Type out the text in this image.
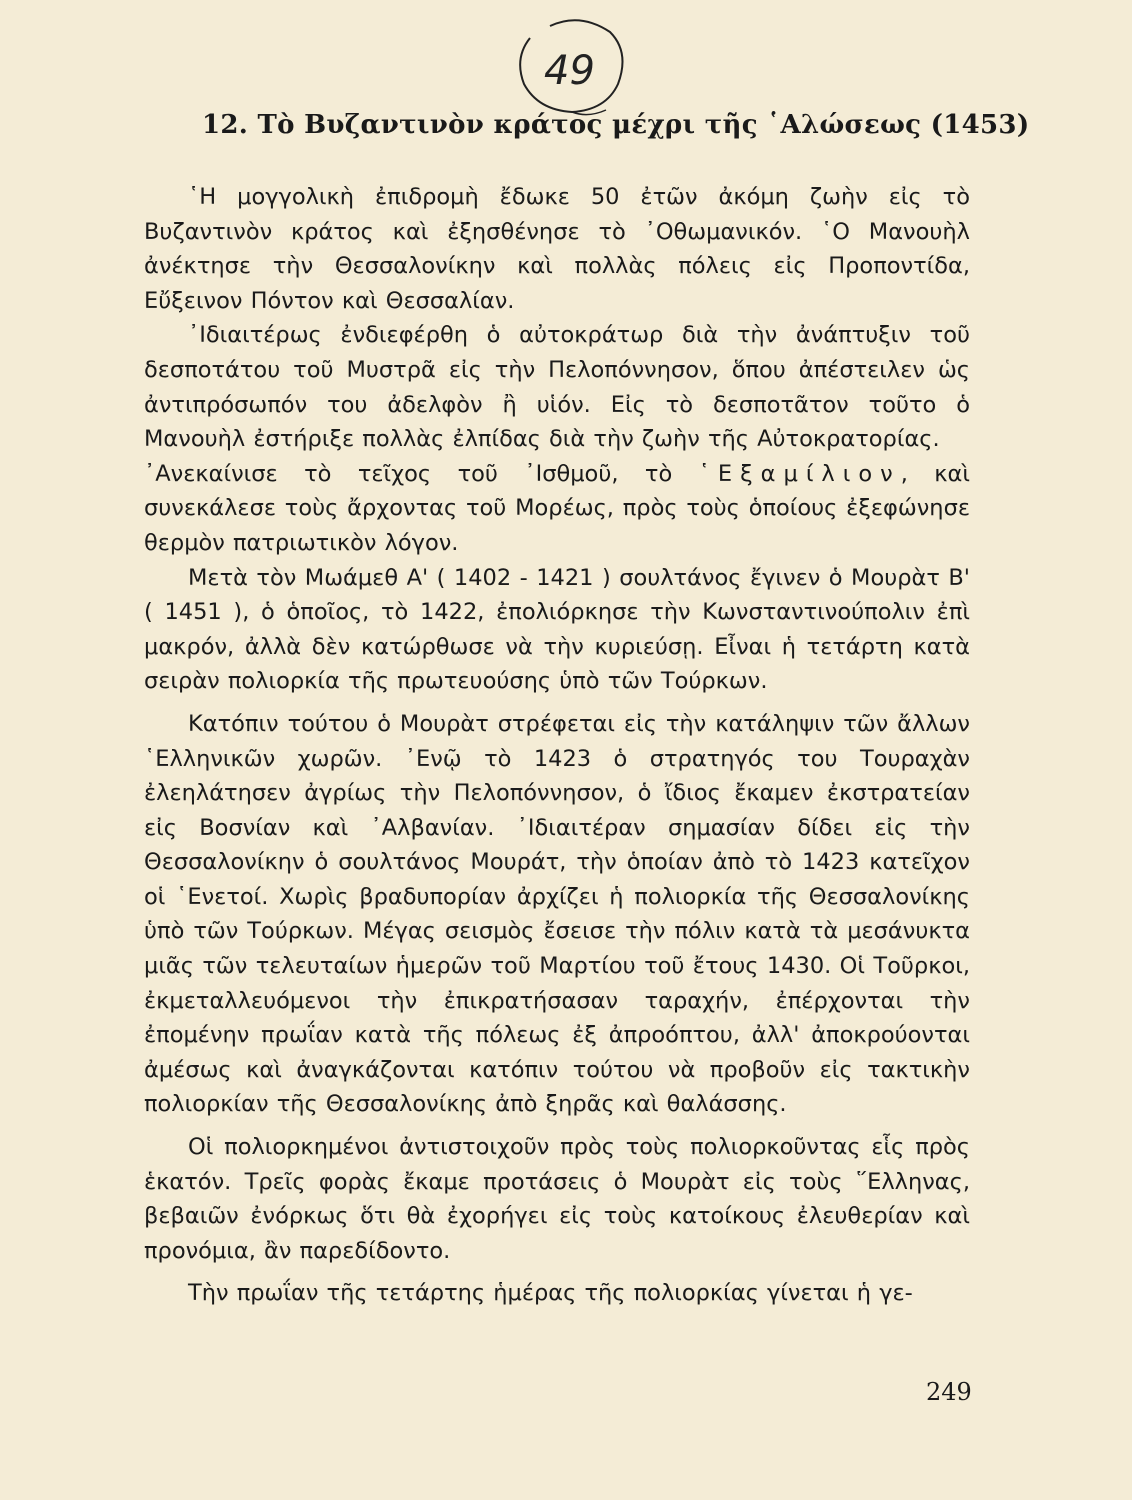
49
12. Τὸ Βυζαντινὸν κράτος μέχρι τῆς ῾Αλώσεως (1453)

῾Η μογγολικὴ ἐπιδρομὴ ἔδωκε 50 ἐτῶν ἀκόμη ζωὴν εἰς τὸ Βυζαντινὸν κράτος καὶ ἐξησθένησε τὸ ᾿Οθωμανικόν. ῾Ο Μανουὴλ ἀνέκτησε τὴν Θεσσαλονίκην καὶ πολλὰς πόλεις εἰς Προποντίδα, Εὔξεινον Πόντον καὶ Θεσσαλίαν.

᾿Ιδιαιτέρως ἐνδιεφέρθη ὁ αὐτοκράτωρ διὰ τὴν ἀνάπτυξιν τοῦ δεσποτάτου τοῦ Μυστρᾶ εἰς τὴν Πελοπόννησον, ὅπου ἀπέστειλεν ὡς ἀντιπρόσωπόν του ἀδελφὸν ἢ υἱόν. Εἰς τὸ δεσποτᾶτον τοῦτο ὁ Μανουὴλ ἐστήριξε πολλὰς ἐλπίδας διὰ τὴν ζωὴν τῆς Αὐτοκρατορίας.

᾿Ανεκαίνισε τὸ τεῖχος τοῦ ᾿Ισθμοῦ, τὸ ῾Εξαμίλιον, καὶ συνεκάλεσε τοὺς ἄρχοντας τοῦ Μορέως, πρὸς τοὺς ὁποίους ἐξεφώνησε θερμὸν πατριωτικὸν λόγον.

Μετὰ τὸν Μωάμεθ Α' ( 1402 - 1421 ) σουλτάνος ἔγινεν ὁ Μουρὰτ Β' ( 1451 ), ὁ ὁποῖος, τὸ 1422, ἐπολιόρκησε τὴν Κωνσταντινούπολιν ἐπὶ μακρόν, ἀλλὰ δὲν κατώρθωσε νὰ τὴν κυριεύσῃ. Εἶναι ἡ τετάρτη κατὰ σειρὰν πολιορκία τῆς πρωτευούσης ὑπὸ τῶν Τούρκων.

Κατόπιν τούτου ὁ Μουρὰτ στρέφεται εἰς τὴν κατάληψιν τῶν ἄλλων ῾Ελληνικῶν χωρῶν. ᾿Ενῷ τὸ 1423 ὁ στρατηγός του Τουραχὰν ἐλεηλάτησεν ἀγρίως τὴν Πελοπόννησον, ὁ ἴδιος ἔκαμεν ἐκστρατείαν εἰς Βοσνίαν καὶ ᾿Αλβανίαν. ᾿Ιδιαιτέραν σημασίαν δίδει εἰς τὴν Θεσσαλονίκην ὁ σουλτάνος Μουράτ, τὴν ὁποίαν ἀπὸ τὸ 1423 κατεῖχον οἱ ῾Ενετοί. Χωρὶς βραδυπορίαν ἀρχίζει ἡ πολιορκία τῆς Θεσσαλονίκης ὑπὸ τῶν Τούρκων. Μέγας σεισμὸς ἔσεισε τὴν πόλιν κατὰ τὰ μεσάνυκτα μιᾶς τῶν τελευταίων ἡμερῶν τοῦ Μαρτίου τοῦ ἔτους 1430. Οἱ Τοῦρκοι, ἐκμεταλλευόμενοι τὴν ἐπικρατήσασαν ταραχήν, ἐπέρχονται τὴν ἐπομένην πρωΐαν κατὰ τῆς πόλεως ἐξ ἀπροόπτου, ἀλλ' ἀποκρούονται ἀμέσως καὶ ἀναγκάζονται κατόπιν τούτου νὰ προβοῦν εἰς τακτικὴν πολιορκίαν τῆς Θεσσαλονίκης ἀπὸ ξηρᾶς καὶ θαλάσσης.

Οἱ πολιορκημένοι ἀντιστοιχοῦν πρὸς τοὺς πολιορκοῦντας εἷς πρὸς ἑκατόν. Τρεῖς φορὰς ἔκαμε προτάσεις ὁ Μουρὰτ εἰς τοὺς ῞Ελληνας, βεβαιῶν ἐνόρκως ὅτι θὰ ἐχορήγει εἰς τοὺς κατοίκους ἐλευθερίαν καὶ προνόμια, ἂν παρεδίδοντο.

Τὴν πρωΐαν τῆς τετάρτης ἡμέρας τῆς πολιορκίας γίνεται ἡ γε-

249
